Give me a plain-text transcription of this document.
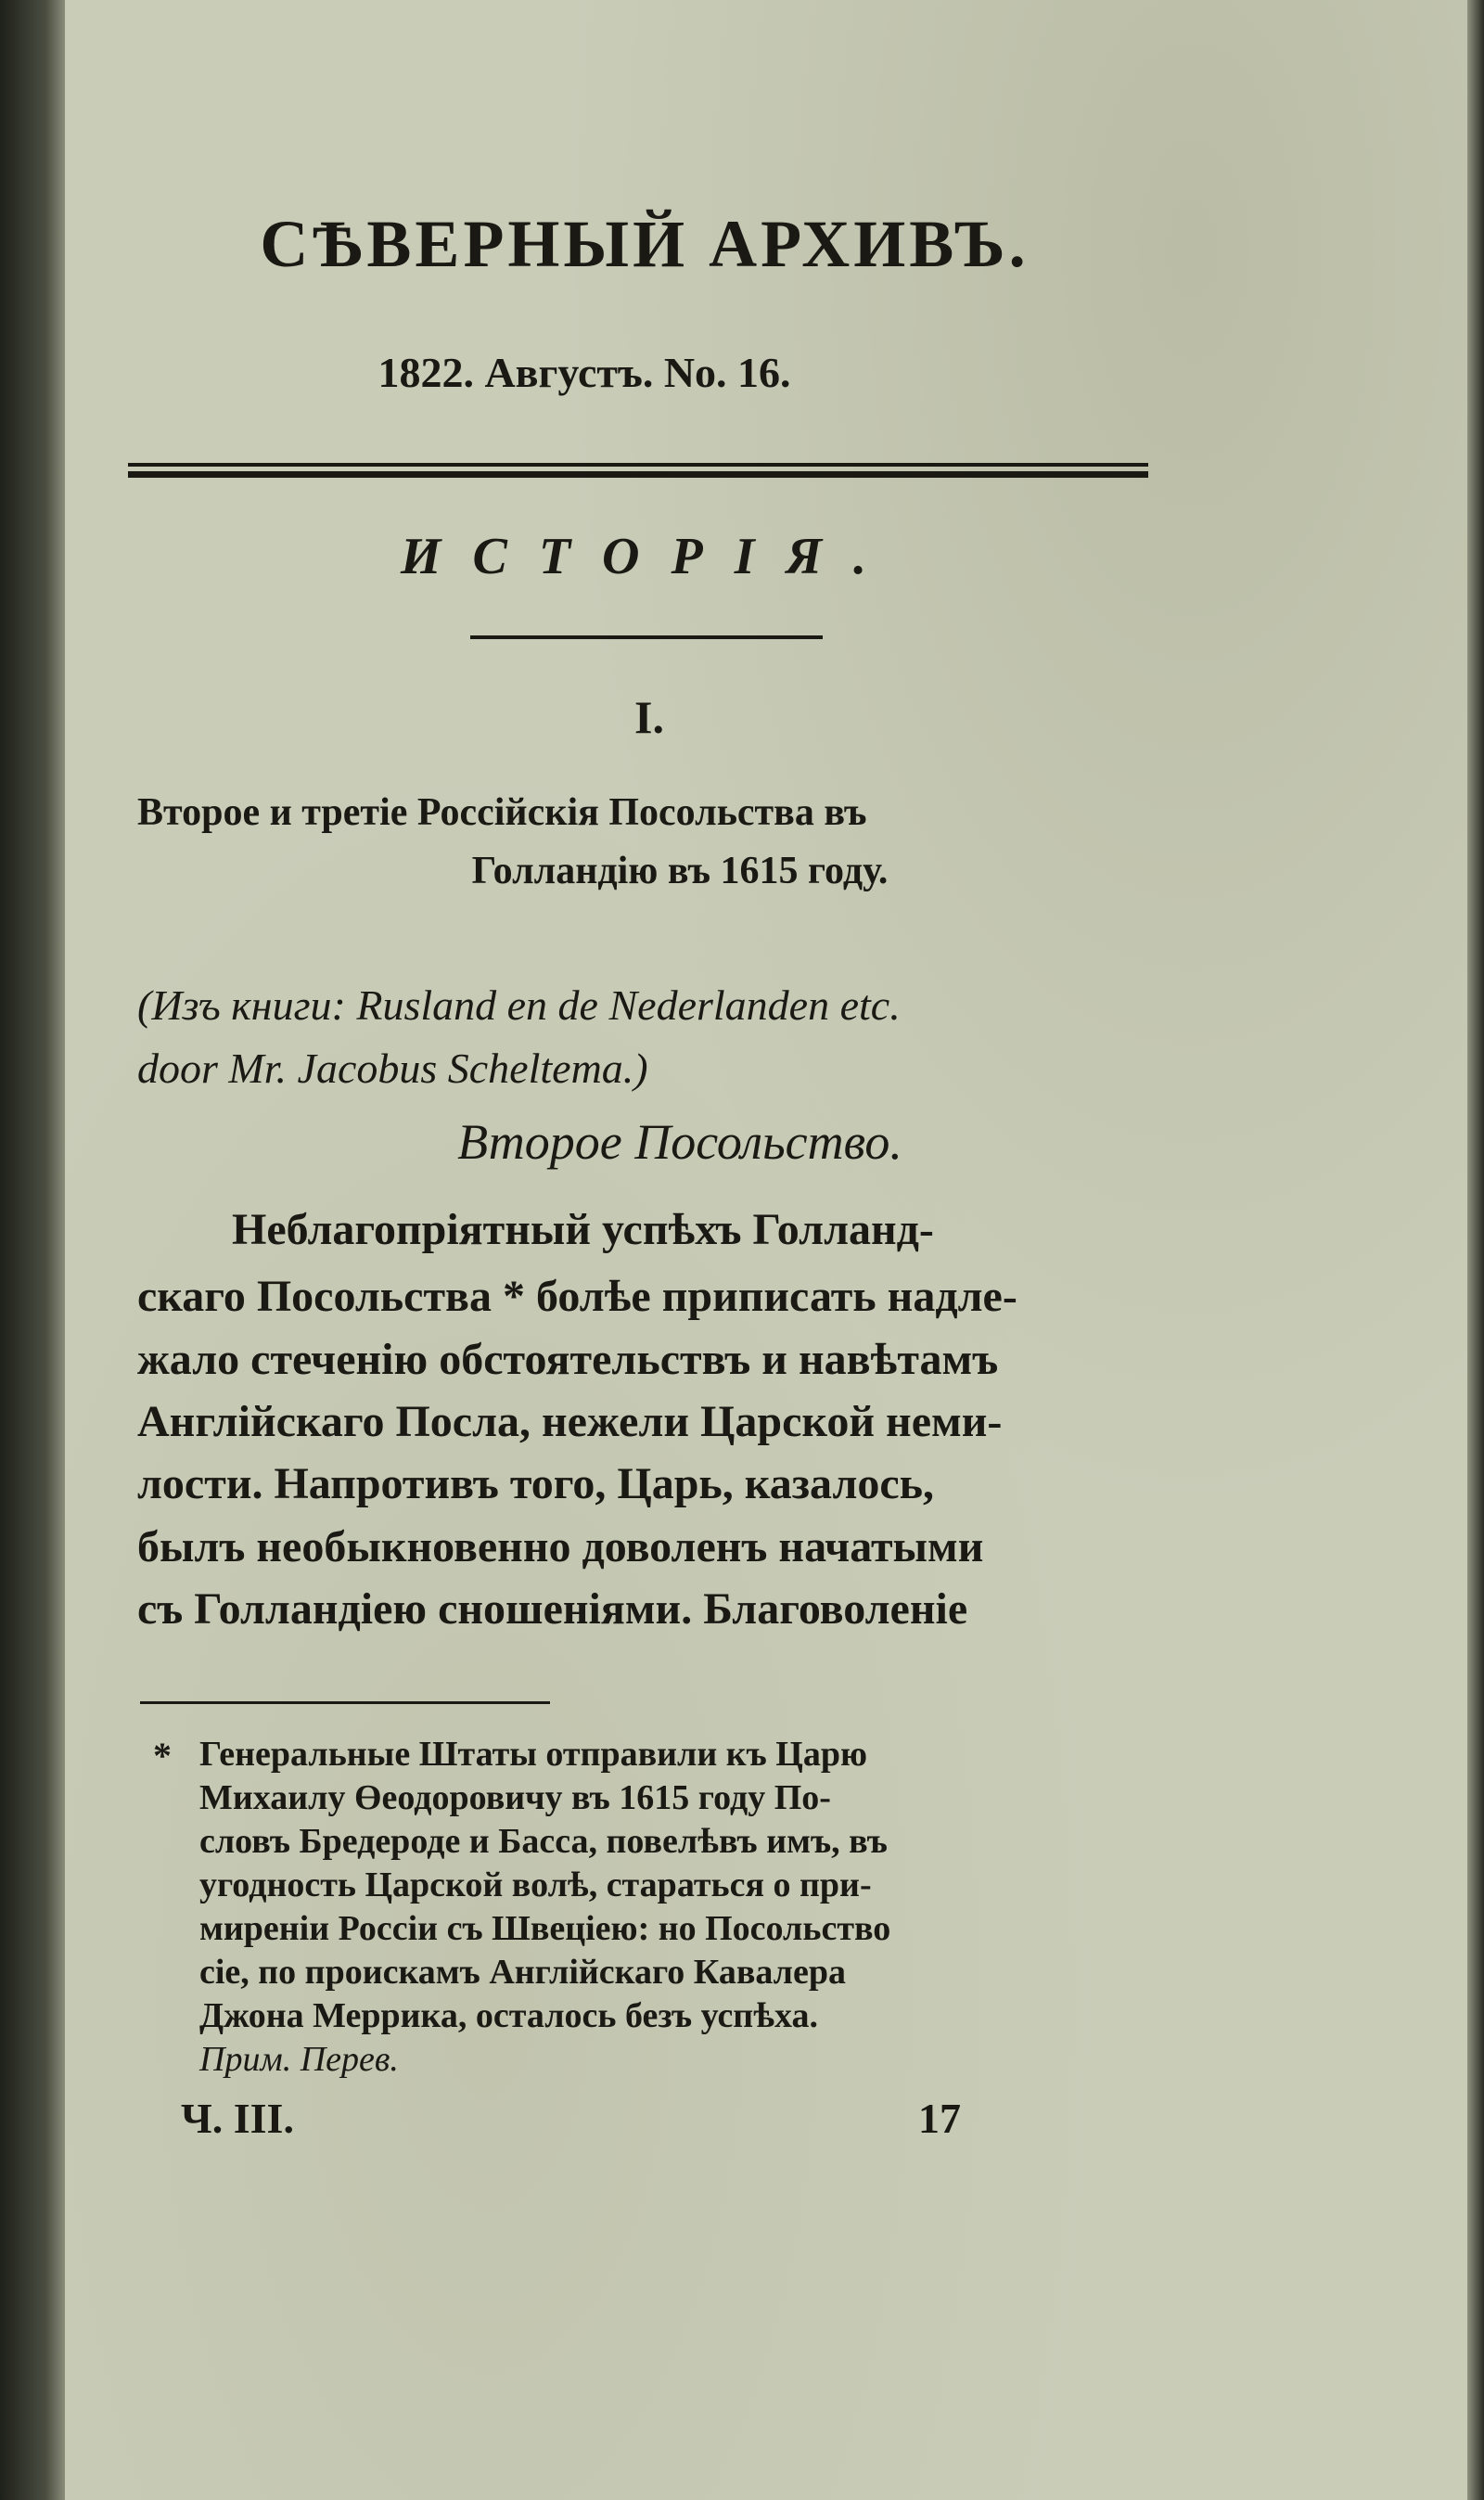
СѢВЕРНЫЙ АРХИВЪ.
1822. Августъ. No. 16.
ИСТОРІЯ.
I.
Второе и третіе Россійскія Посольства въ
Голландію въ 1615 году.
(Изъ книги: Rusland en de Nederlanden etc.
door Mr. Jacobus Scheltema.)
Второе Посольство.
Неблагопріятный успѣхъ Голланд-
скаго Посольства * болѣе приписать надле-
жало стеченію обстоятельствъ и навѣтамъ
Англійскаго Посла, нежели Царской неми-
лости. Напротивъ того, Царь, казалось,
былъ необыкновенно доволенъ начатыми
съ Голландіею сношеніями. Благоволеніе
* Генеральные Штаты отправили къ Царю
Михаилу Өеодоровичу въ 1615 году По-
словъ Бредероде и Басса, повелѣвъ имъ, въ
угодность Царской волѣ, стараться о при-
миреніи Россіи съ Швеціею: но Посольство
сіе, по проискамъ Англійскаго Кавалера
Джона Меррика, осталось безъ успѣха.
Прим. Перев.
Ч. III.	17
